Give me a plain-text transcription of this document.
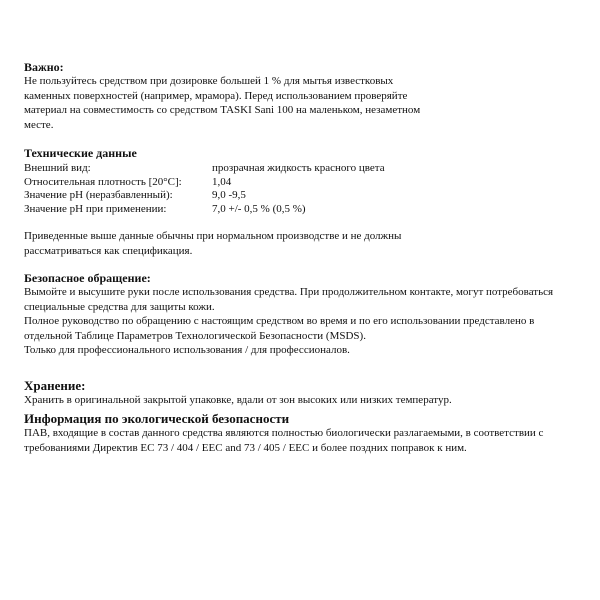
Важно:

Не пользуйтесь средством при дозировке большей 1 % для мытья известковых

каменных поверхностей (например, мрамора). Перед использованием проверяйте

материал на совместимость со средством TASKI Sani 100 на маленьком, незаметном

месте.

Технические данные

Внешний вид:	прозрачная жидкость красного цвета
Относительная плотность [20°C]:	1,04
Значение pH (неразбавленный):	9,0 -9,5
Значение pH при применении:	7,0 +/- 0,5 % (0,5 %)

Приведенные выше данные обычны при нормальном производстве и не должны

рассматриваться как спецификация.

Безопасное обращение:

Вымойте и высушите руки после использования средства. При продолжительном контакте, могут потребоваться

специальные средства для защиты кожи.

Полное руководство по обращению с настоящим средством во время и по его использовании представлено в

отдельной Таблице Параметров Технологической Безопасности (MSDS).

Только для профессионального использования / для профессионалов.

Хранение:

Хранить в оригинальной закрытой упаковке, вдали от зон высоких или низких температур.

Информация по экологической безопасности

ПАВ, входящие в состав данного средства являются полностью биологически разлагаемыми, в соответствии с

требованиями Директив ЕС 73 / 404 / EEC and 73 / 405 / EEC и более поздних поправок к ним.
